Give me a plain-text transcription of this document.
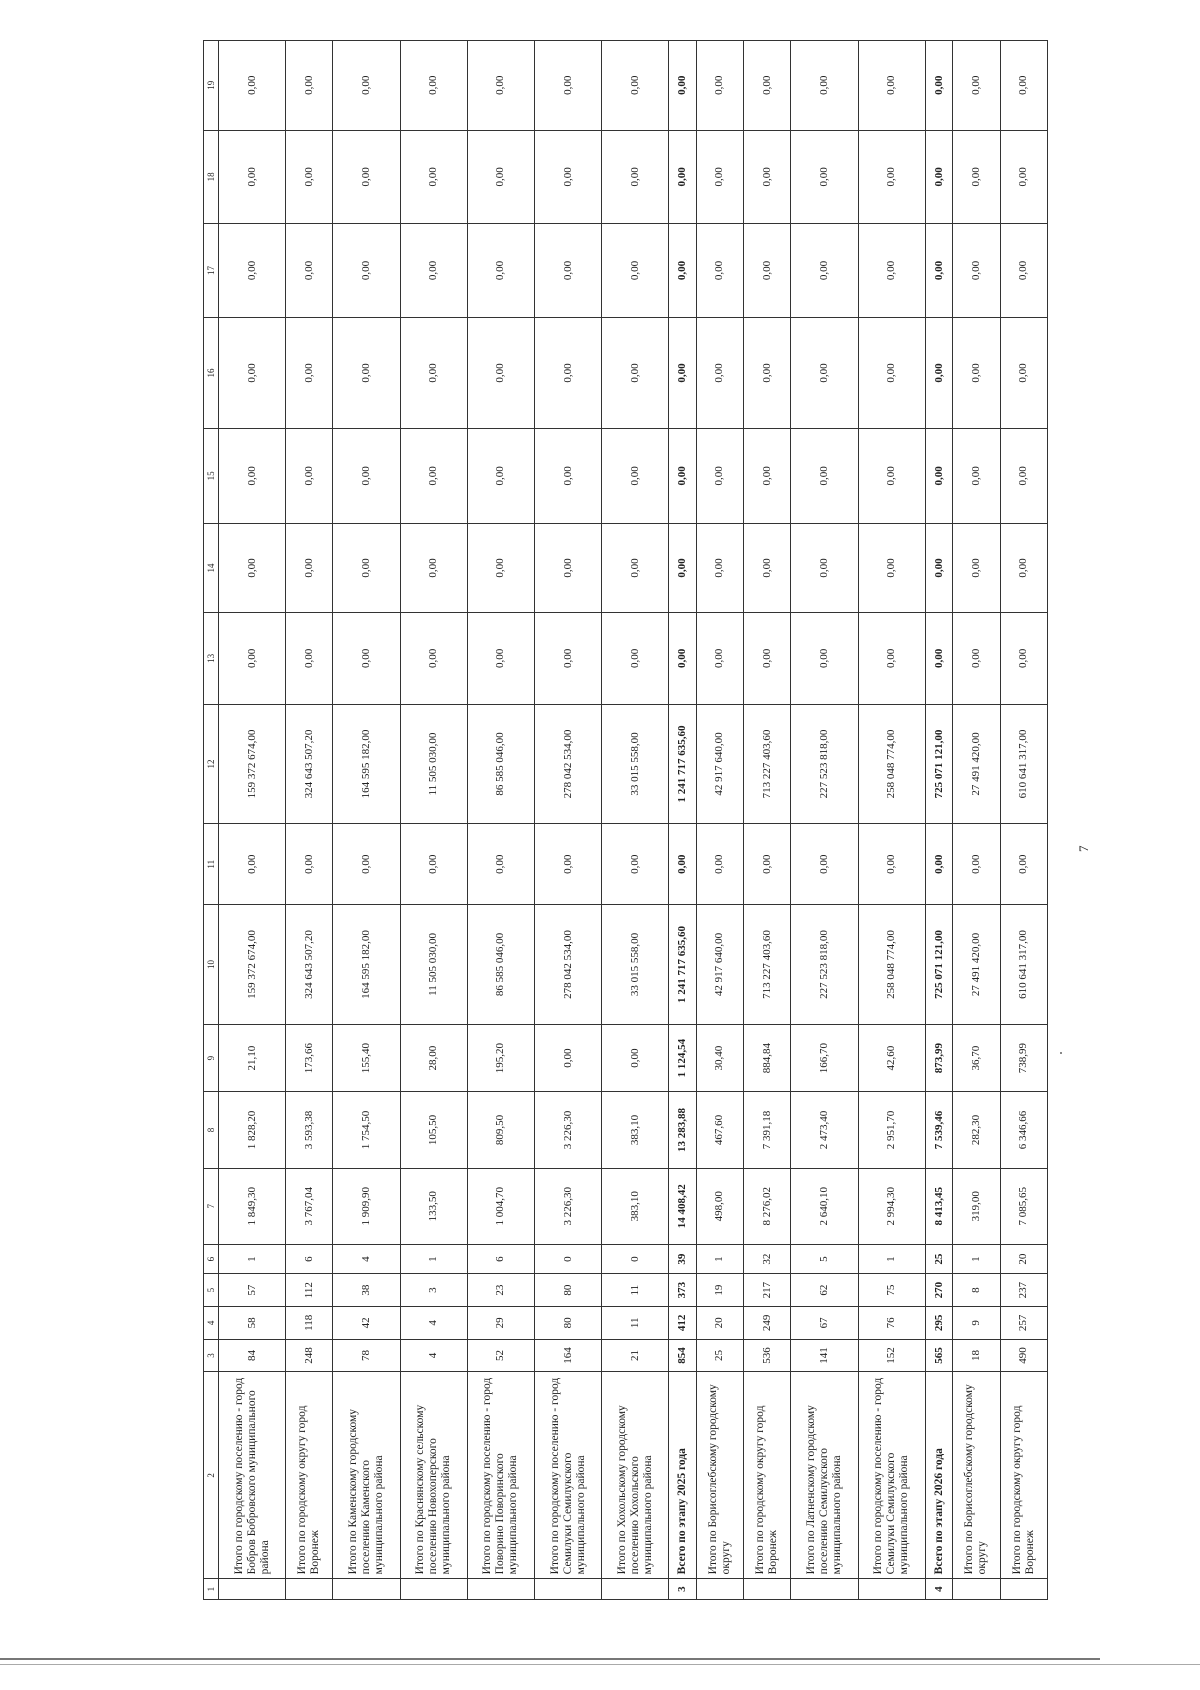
7
1	2	3	4	5	6	7	8	9	10	11	12	13	14	15	16	17	18	19
	Итого по городскому поселению - город Бобров Бобровского муниципального района	84	58	57	1	1 849,30	1 828,20	21,10	159 372 674,00	0,00	159 372 674,00	0,00	0,00	0,00	0,00	0,00	0,00	0,00
	Итого по городскому округу город Воронеж	248	118	112	6	3 767,04	3 593,38	173,66	324 643 507,20	0,00	324 643 507,20	0,00	0,00	0,00	0,00	0,00	0,00	0,00
	Итого по Каменскому городскому поселению Каменского муниципального района	78	42	38	4	1 909,90	1 754,50	155,40	164 595 182,00	0,00	164 595 182,00	0,00	0,00	0,00	0,00	0,00	0,00	0,00
	Итого по Краснянскому сельскому поселению Новохоперского муниципального района	4	4	3	1	133,50	105,50	28,00	11 505 030,00	0,00	11 505 030,00	0,00	0,00	0,00	0,00	0,00	0,00	0,00
	Итого по городскому поселению - город Поворино Поворинского муниципального района	52	29	23	6	1 004,70	809,50	195,20	86 585 046,00	0,00	86 585 046,00	0,00	0,00	0,00	0,00	0,00	0,00	0,00
	Итого по городскому поселению - город Семилуки Семилукского муниципального района	164	80	80	0	3 226,30	3 226,30	0,00	278 042 534,00	0,00	278 042 534,00	0,00	0,00	0,00	0,00	0,00	0,00	0,00
	Итого по Хохольскому городскому поселению Хохольского муниципального района	21	11	11	0	383,10	383,10	0,00	33 015 558,00	0,00	33 015 558,00	0,00	0,00	0,00	0,00	0,00	0,00	0,00
3	Всего по этапу 2025 года	854	412	373	39	14 408,42	13 283,88	1 124,54	1 241 717 635,60	0,00	1 241 717 635,60	0,00	0,00	0,00	0,00	0,00	0,00	0,00
	Итого по Борисоглебскому городскому округу	25	20	19	1	498,00	467,60	30,40	42 917 640,00	0,00	42 917 640,00	0,00	0,00	0,00	0,00	0,00	0,00	0,00
	Итого по городскому округу город Воронеж	536	249	217	32	8 276,02	7 391,18	884,84	713 227 403,60	0,00	713 227 403,60	0,00	0,00	0,00	0,00	0,00	0,00	0,00
	Итого по Латненскому городскому поселению Семилукского муниципального района	141	67	62	5	2 640,10	2 473,40	166,70	227 523 818,00	0,00	227 523 818,00	0,00	0,00	0,00	0,00	0,00	0,00	0,00
	Итого по городскому поселению - город Семилуки Семилукского муниципального района	152	76	75	1	2 994,30	2 951,70	42,60	258 048 774,00	0,00	258 048 774,00	0,00	0,00	0,00	0,00	0,00	0,00	0,00
4	Всего по этапу 2026 года	565	295	270	25	8 413,45	7 539,46	873,99	725 071 121,00	0,00	725 071 121,00	0,00	0,00	0,00	0,00	0,00	0,00	0,00
	Итого по Борисоглебскому городскому округу	18	9	8	1	319,00	282,30	36,70	27 491 420,00	0,00	27 491 420,00	0,00	0,00	0,00	0,00	0,00	0,00	0,00
	Итого по городскому округу город Воронеж	490	257	237	20	7 085,65	6 346,66	738,99	610 641 317,00	0,00	610 641 317,00	0,00	0,00	0,00	0,00	0,00	0,00	0,00
